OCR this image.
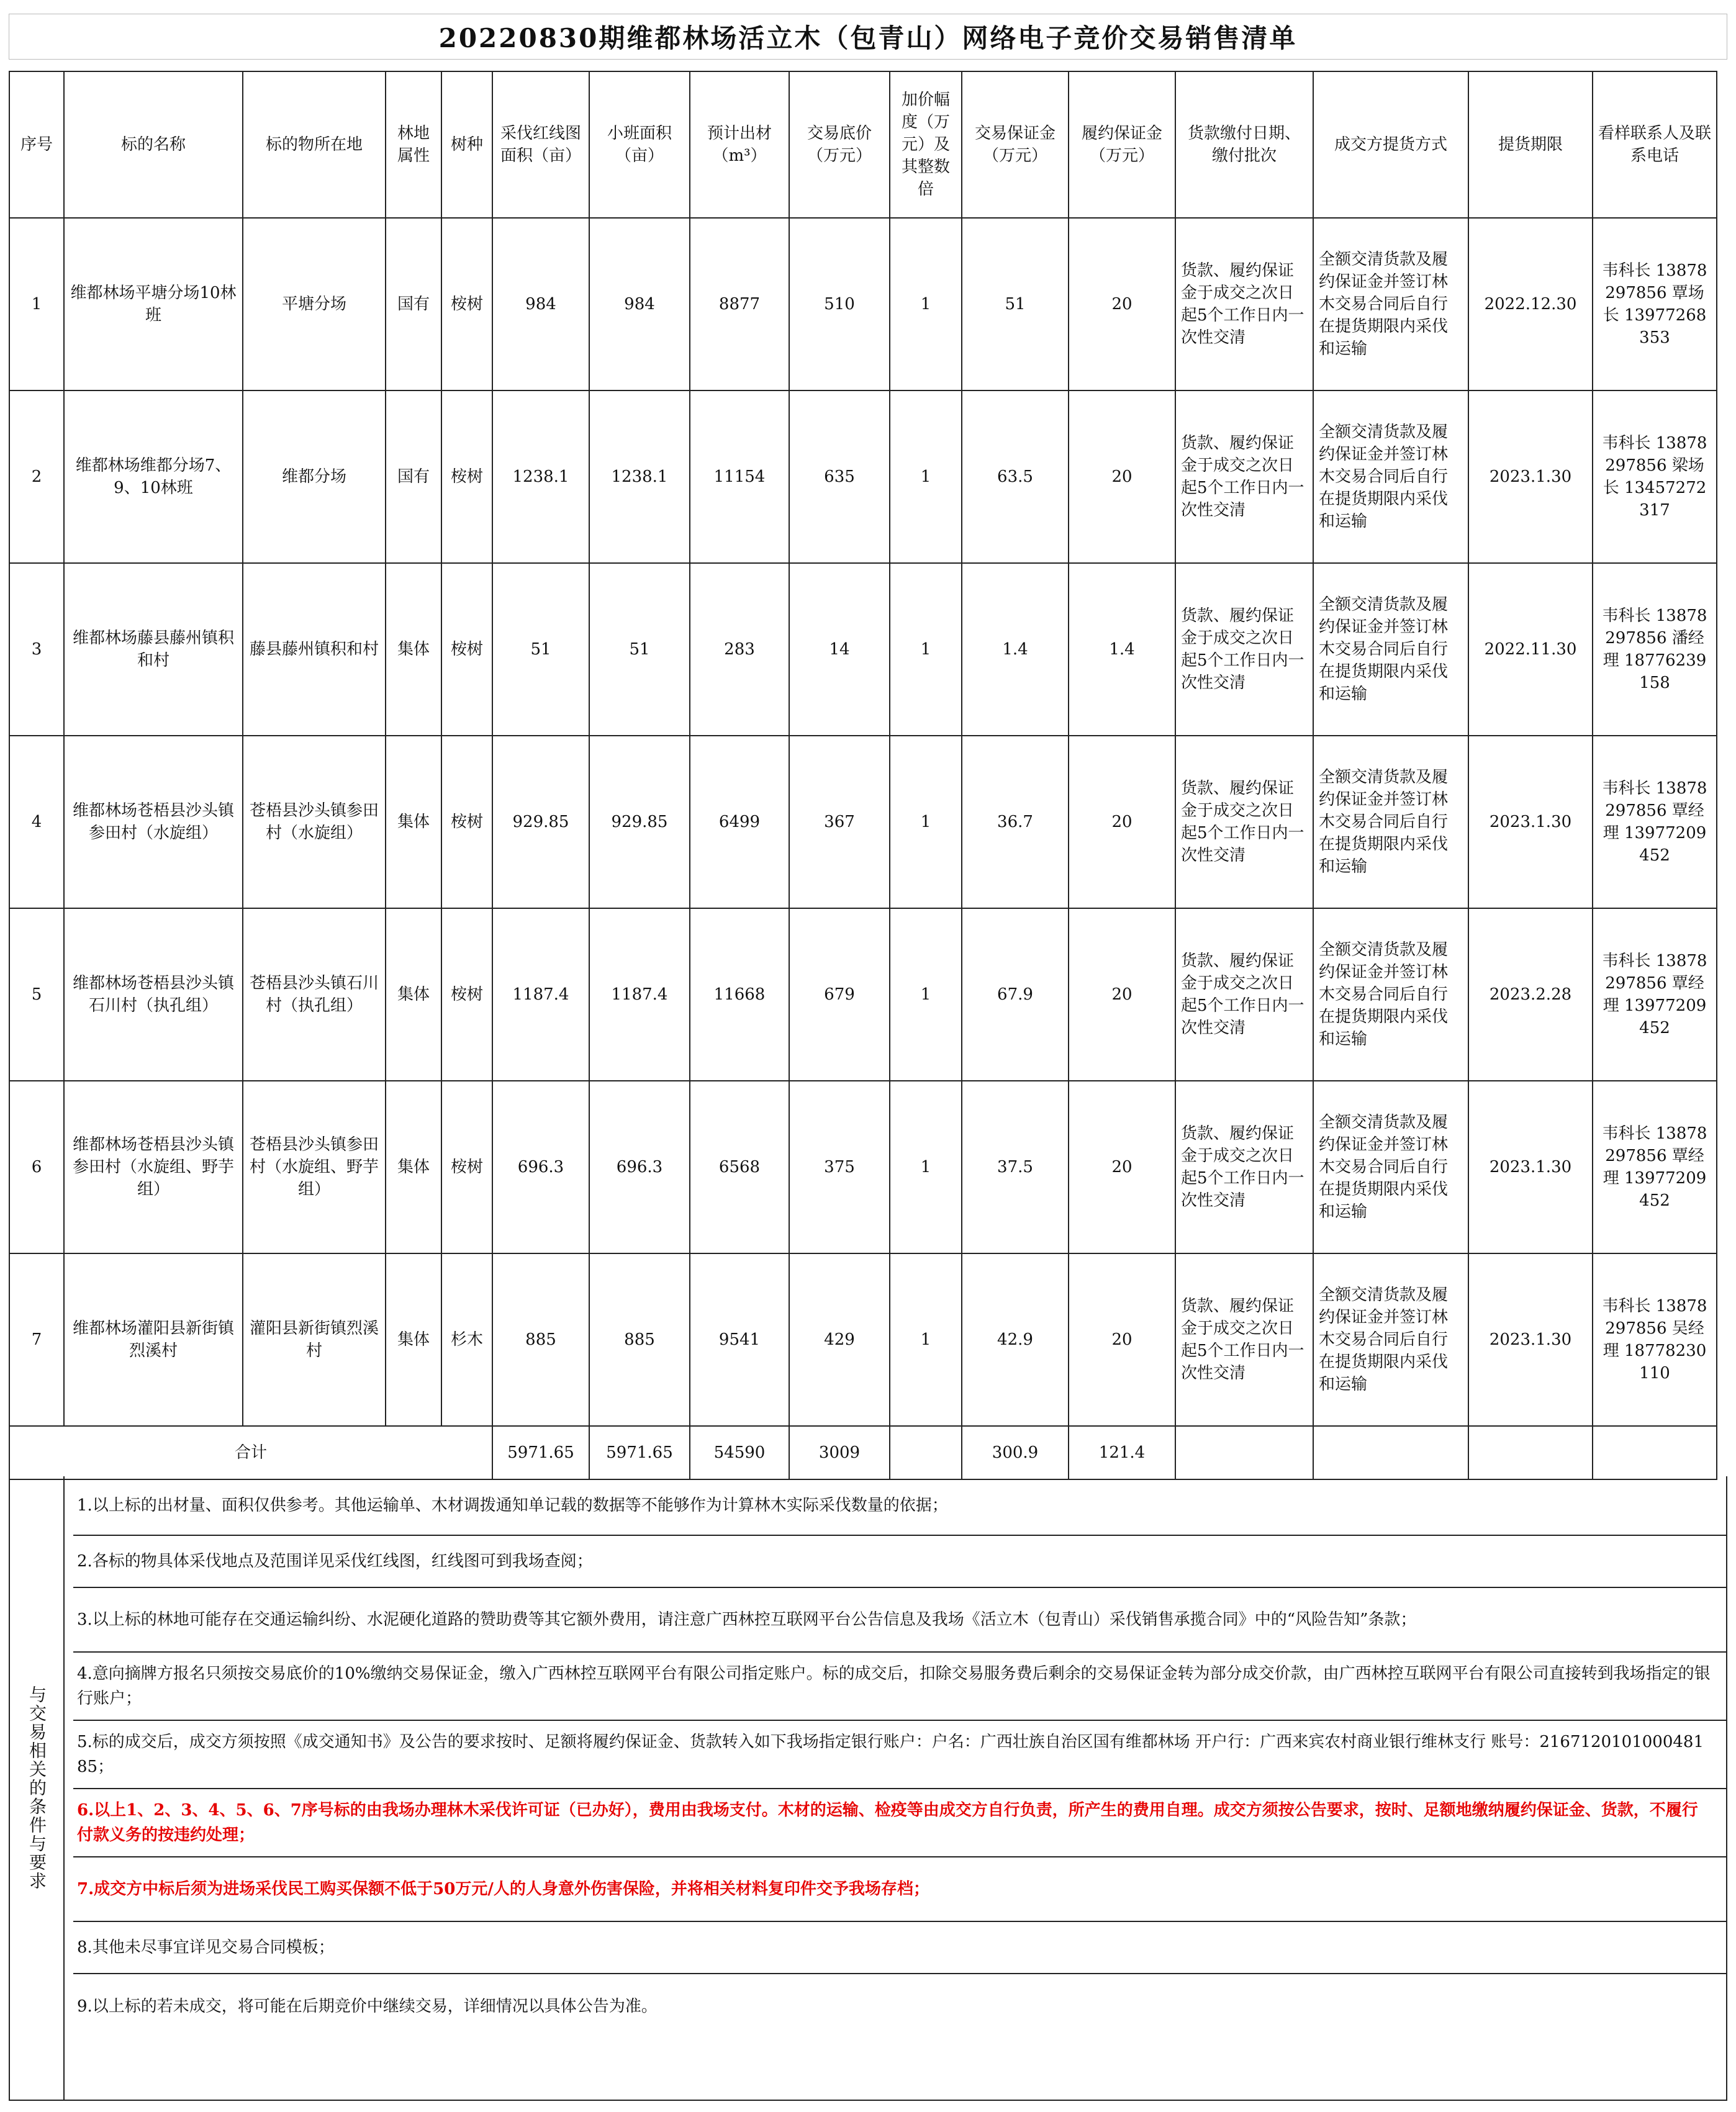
20220830期维都林场活立木（包青山）网络电子竞价交易销售清单
序号	标的名称	标的物所在地	林地属性	树种	采伐红线图面积（亩）	小班面积（亩）	预计出材（m³）	交易底价（万元）	加价幅度（万元）及其整数倍	交易保证金（万元）	履约保证金（万元）	货款缴付日期、缴付批次	成交方提货方式	提货期限	看样联系人及联系电话
1	维都林场平塘分场10林班	平塘分场	国有	桉树	984	984	8877	510	1	51	20	货款、履约保证金于成交之次日起5个工作日内一次性交清	全额交清货款及履约保证金并签订林木交易合同后自行在提货期限内采伐和运输	2022.12.30	韦科长 13878297856 覃场长 13977268353
2	维都林场维都分场7、9、10林班	维都分场	国有	桉树	1238.1	1238.1	11154	635	1	63.5	20	货款、履约保证金于成交之次日起5个工作日内一次性交清	全额交清货款及履约保证金并签订林木交易合同后自行在提货期限内采伐和运输	2023.1.30	韦科长 13878297856 梁场长 13457272317
3	维都林场藤县藤州镇积和村	藤县藤州镇积和村	集体	桉树	51	51	283	14	1	1.4	1.4	货款、履约保证金于成交之次日起5个工作日内一次性交清	全额交清货款及履约保证金并签订林木交易合同后自行在提货期限内采伐和运输	2022.11.30	韦科长 13878297856 潘经理 18776239158
4	维都林场苍梧县沙头镇参田村（水旋组）	苍梧县沙头镇参田村（水旋组）	集体	桉树	929.85	929.85	6499	367	1	36.7	20	货款、履约保证金于成交之次日起5个工作日内一次性交清	全额交清货款及履约保证金并签订林木交易合同后自行在提货期限内采伐和运输	2023.1.30	韦科长 13878297856 覃经理 13977209452
5	维都林场苍梧县沙头镇石川村（执孔组）	苍梧县沙头镇石川村（执孔组）	集体	桉树	1187.4	1187.4	11668	679	1	67.9	20	货款、履约保证金于成交之次日起5个工作日内一次性交清	全额交清货款及履约保证金并签订林木交易合同后自行在提货期限内采伐和运输	2023.2.28	韦科长 13878297856 覃经理 13977209452
6	维都林场苍梧县沙头镇参田村（水旋组、野芋组）	苍梧县沙头镇参田村（水旋组、野芋组）	集体	桉树	696.3	696.3	6568	375	1	37.5	20	货款、履约保证金于成交之次日起5个工作日内一次性交清	全额交清货款及履约保证金并签订林木交易合同后自行在提货期限内采伐和运输	2023.1.30	韦科长 13878297856 覃经理 13977209452
7	维都林场灌阳县新街镇烈溪村	灌阳县新街镇烈溪村	集体	杉木	885	885	9541	429	1	42.9	20	货款、履约保证金于成交之次日起5个工作日内一次性交清	全额交清货款及履约保证金并签订林木交易合同后自行在提货期限内采伐和运输	2023.1.30	韦科长 13878297856 吴经理 18778230110
合计					5971.65	5971.65	54590	3009		300.9	121.4				
与交易相关的条件与要求
1.以上标的出材量、面积仅供参考。其他运输单、木材调拨通知单记载的数据等不能够作为计算林木实际采伐数量的依据；
2.各标的物具体采伐地点及范围详见采伐红线图，红线图可到我场查阅；
3.以上标的林地可能存在交通运输纠纷、水泥硬化道路的赞助费等其它额外费用，请注意广西林控互联网平台公告信息及我场《活立木（包青山）采伐销售承揽合同》中的“风险告知”条款；
4.意向摘牌方报名只须按交易底价的10%缴纳交易保证金，缴入广西林控互联网平台有限公司指定账户。标的成交后，扣除交易服务费后剩余的交易保证金转为部分成交价款，由广西林控互联网平台有限公司直接转到我场指定的银行账户；
5.标的成交后，成交方须按照《成交通知书》及公告的要求按时、足额将履约保证金、货款转入如下我场指定银行账户：户名：广西壮族自治区国有维都林场 开户行：广西来宾农村商业银行维林支行 账号：216712010100048185；
6.以上1、2、3、4、5、6、7序号标的由我场办理林木采伐许可证（已办好），费用由我场支付。木材的运输、检疫等由成交方自行负责，所产生的费用自理。成交方须按公告要求，按时、足额地缴纳履约保证金、货款，不履行付款义务的按违约处理；
7.成交方中标后须为进场采伐民工购买保额不低于50万元/人的人身意外伤害保险，并将相关材料复印件交予我场存档；
8.其他未尽事宜详见交易合同模板；
9.以上标的若未成交，将可能在后期竞价中继续交易，详细情况以具体公告为准。
